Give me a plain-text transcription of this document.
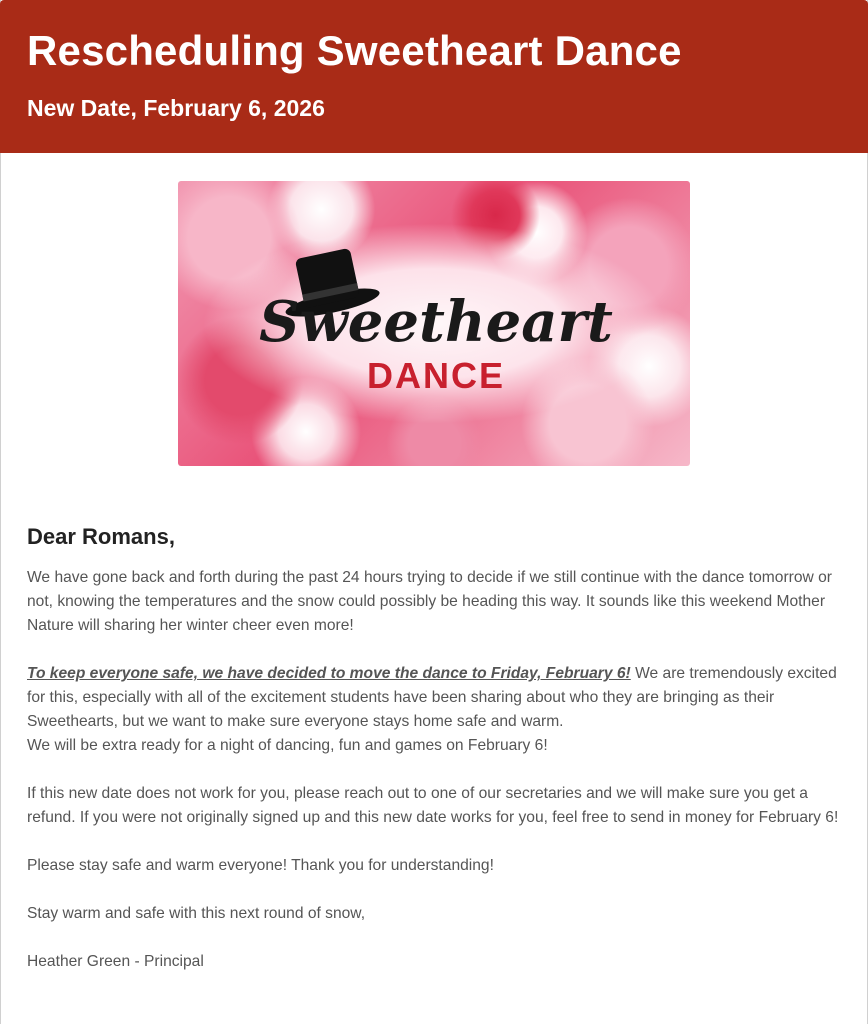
Rescheduling Sweetheart Dance
New Date, February 6, 2026
Sweetheart
DANCE
Dear Romans,

We have gone back and forth during the past 24 hours trying to decide if we still continue with the dance tomorrow or not, knowing the temperatures and the snow could possibly be heading this way. It sounds like this weekend Mother Nature will sharing her winter cheer even more!

To keep everyone safe, we have decided to move the dance to Friday, February 6! We are tremendously excited for this, especially with all of the excitement students have been sharing about who they are bringing as their Sweethearts, but we want to make sure everyone stays home safe and warm.
We will be extra ready for a night of dancing, fun and games on February 6!

If this new date does not work for you, please reach out to one of our secretaries and we will make sure you get a refund. If you were not originally signed up and this new date works for you, feel free to send in money for February 6!

Please stay safe and warm everyone! Thank you for understanding!

Stay warm and safe with this next round of snow,

Heather Green - Principal
